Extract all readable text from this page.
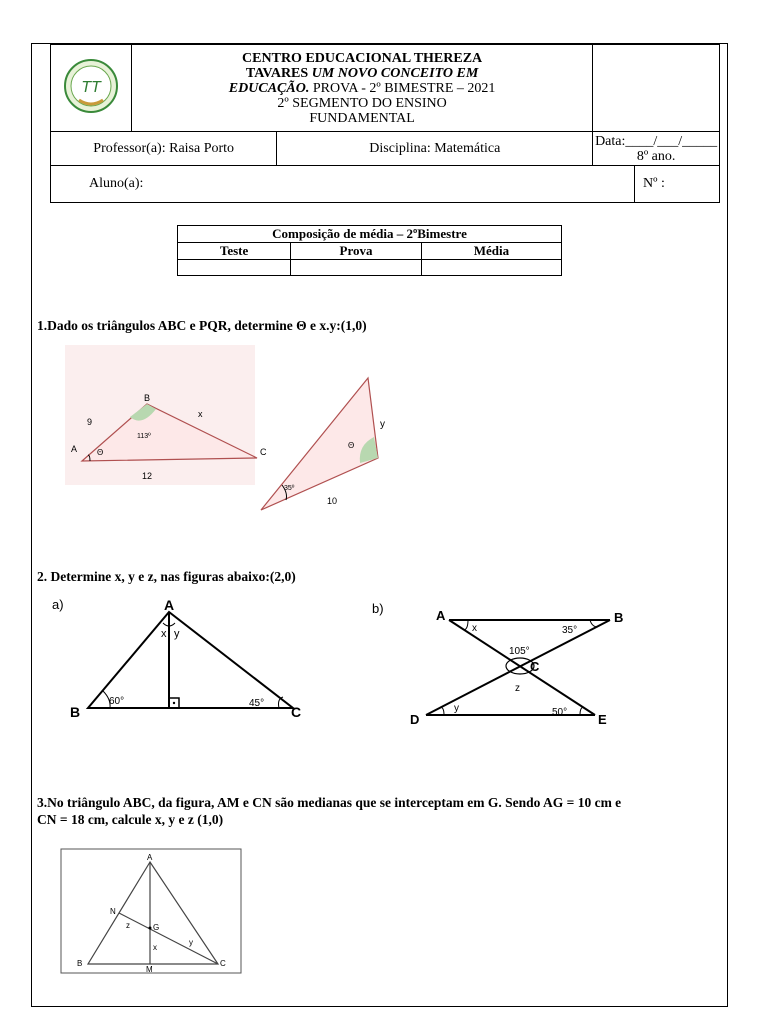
TT	CENTRO EDUCACIONAL THEREZA
TAVARES UM NOVO CONCEITO EM
EDUCAÇÃO. PROVA - 2º BIMESTRE – 2021
2º SEGMENTO DO ENSINO
FUNDAMENTAL			
Professor(a): Raisa Porto		Disciplina: Matemática	Data:____/___/_____
8º ano.	
Aluno(a):				Nº :
Composição de média – 2ºBimestre		
Teste	Prova	Média

1.Dado os triângulos ABC e PQR, determine Θ e x.y:(1,0)
B
A	C
9
x
12
113º
Θ
y
10
35º
Θ
2. Determine x, y e z, nas figuras abaixo:(2,0)
a)	A
B	C
x y
60°	45°
b)	A	B
C
D	E
x
y
z
35°
105°
50°
3.No triângulo ABC, da figura, AM e CN são medianas que se interceptam em G. Sendo AG = 10 cm e
CN = 18 cm, calcule x, y e z (1,0)
A
B	C
M
N
G
x
y
z
